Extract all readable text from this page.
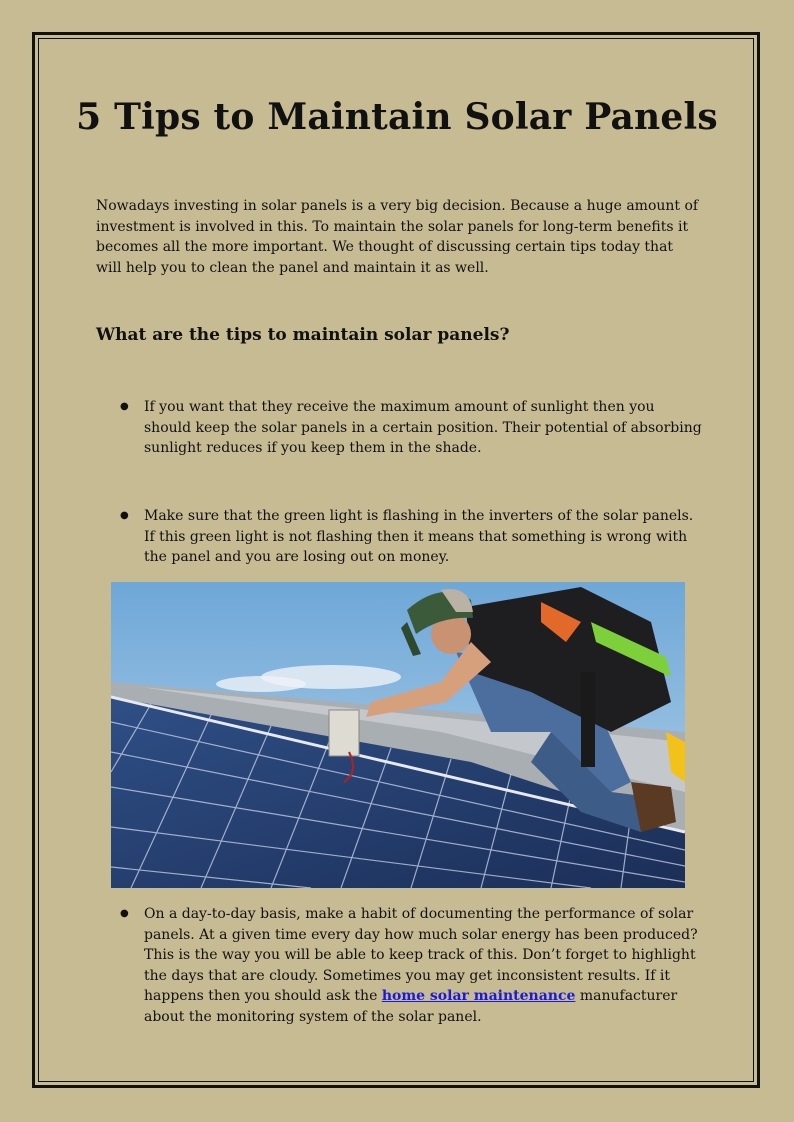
5 Tips to Maintain Solar Panels

Nowadays investing in solar panels is a very big decision. Because a huge amount of investment is involved in this. To maintain the solar panels for long-term benefits it becomes all the more important. We thought of discussing certain tips today that will help you to clean the panel and maintain it as well.

What are the tips to maintain solar panels?

● If you want that they receive the maximum amount of sunlight then you should keep the solar panels in a certain position. Their potential of absorbing sunlight reduces if you keep them in the shade.

● Make sure that the green light is flashing in the inverters of the solar panels. If this green light is not flashing then it means that something is wrong with the panel and you are losing out on money.

● On a day-to-day basis, make a habit of documenting the performance of solar panels. At a given time every day how much solar energy has been produced? This is the way you will be able to keep track of this. Don’t forget to highlight the days that are cloudy. Sometimes you may get inconsistent results. If it happens then you should ask the home solar maintenance manufacturer about the monitoring system of the solar panel.
